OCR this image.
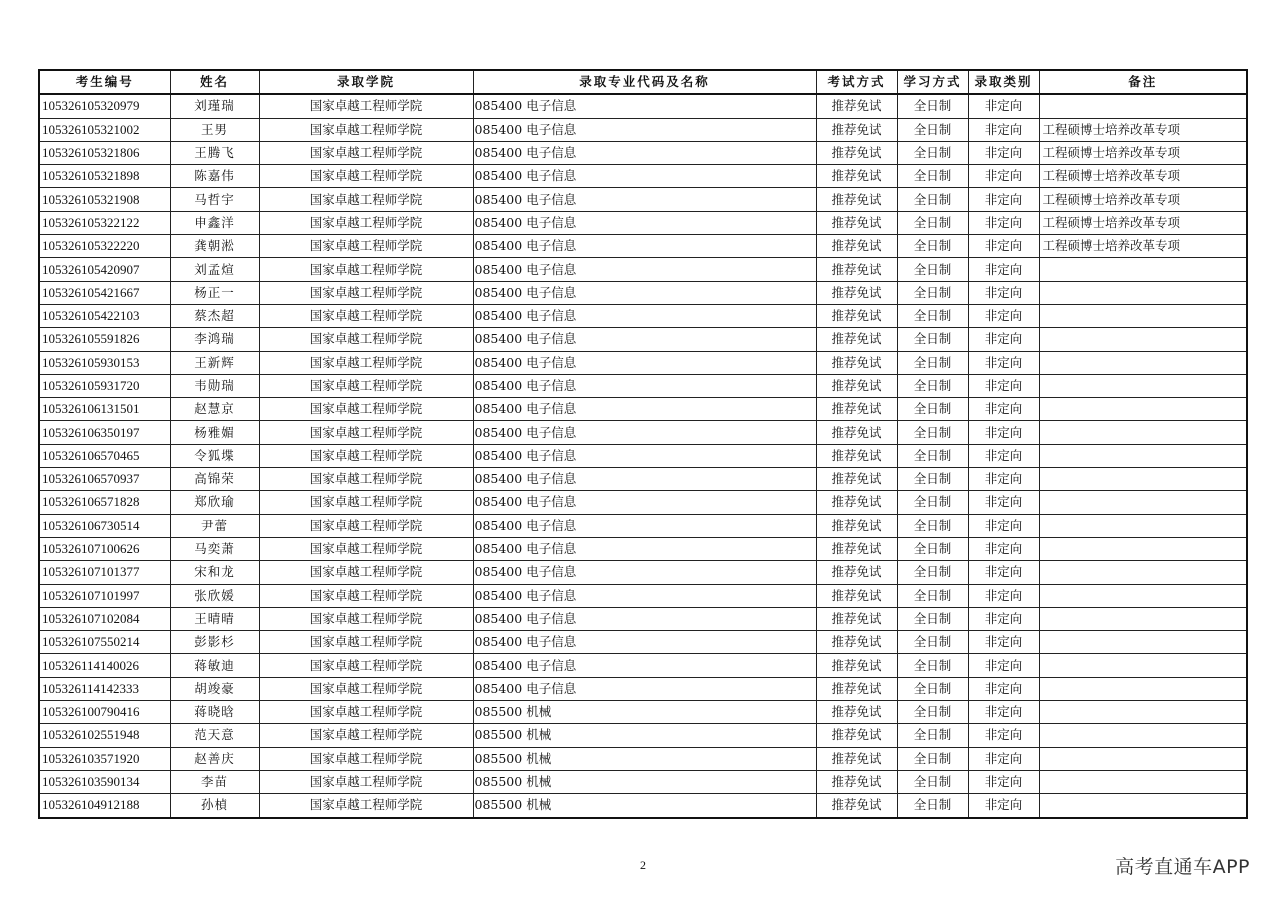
考生编号	姓名	录取学院	录取专业代码及名称	考试方式	学习方式	录取类别	备注
105326105320979	刘瑾瑞	国家卓越工程师学院	085400 电子信息	推荐免试	全日制	非定向	
105326105321002	王男	国家卓越工程师学院	085400 电子信息	推荐免试	全日制	非定向	工程硕博士培养改革专项
105326105321806	王腾飞	国家卓越工程师学院	085400 电子信息	推荐免试	全日制	非定向	工程硕博士培养改革专项
105326105321898	陈嘉伟	国家卓越工程师学院	085400 电子信息	推荐免试	全日制	非定向	工程硕博士培养改革专项
105326105321908	马哲宇	国家卓越工程师学院	085400 电子信息	推荐免试	全日制	非定向	工程硕博士培养改革专项
105326105322122	申鑫洋	国家卓越工程师学院	085400 电子信息	推荐免试	全日制	非定向	工程硕博士培养改革专项
105326105322220	龚朝淞	国家卓越工程师学院	085400 电子信息	推荐免试	全日制	非定向	工程硕博士培养改革专项
105326105420907	刘孟煊	国家卓越工程师学院	085400 电子信息	推荐免试	全日制	非定向	
105326105421667	杨正一	国家卓越工程师学院	085400 电子信息	推荐免试	全日制	非定向	
105326105422103	蔡杰超	国家卓越工程师学院	085400 电子信息	推荐免试	全日制	非定向	
105326105591826	李鸿瑞	国家卓越工程师学院	085400 电子信息	推荐免试	全日制	非定向	
105326105930153	王新辉	国家卓越工程师学院	085400 电子信息	推荐免试	全日制	非定向	
105326105931720	韦勋瑞	国家卓越工程师学院	085400 电子信息	推荐免试	全日制	非定向	
105326106131501	赵慧京	国家卓越工程师学院	085400 电子信息	推荐免试	全日制	非定向	
105326106350197	杨雅媚	国家卓越工程师学院	085400 电子信息	推荐免试	全日制	非定向	
105326106570465	令狐堞	国家卓越工程师学院	085400 电子信息	推荐免试	全日制	非定向	
105326106570937	高锦荣	国家卓越工程师学院	085400 电子信息	推荐免试	全日制	非定向	
105326106571828	郑欣瑜	国家卓越工程师学院	085400 电子信息	推荐免试	全日制	非定向	
105326106730514	尹蕾	国家卓越工程师学院	085400 电子信息	推荐免试	全日制	非定向	
105326107100626	马奕萧	国家卓越工程师学院	085400 电子信息	推荐免试	全日制	非定向	
105326107101377	宋和龙	国家卓越工程师学院	085400 电子信息	推荐免试	全日制	非定向	
105326107101997	张欣媛	国家卓越工程师学院	085400 电子信息	推荐免试	全日制	非定向	
105326107102084	王晴晴	国家卓越工程师学院	085400 电子信息	推荐免试	全日制	非定向	
105326107550214	彭影杉	国家卓越工程师学院	085400 电子信息	推荐免试	全日制	非定向	
105326114140026	蒋敏迪	国家卓越工程师学院	085400 电子信息	推荐免试	全日制	非定向	
105326114142333	胡竣豪	国家卓越工程师学院	085400 电子信息	推荐免试	全日制	非定向	
105326100790416	蒋晓晗	国家卓越工程师学院	085500 机械	推荐免试	全日制	非定向	
105326102551948	范天意	国家卓越工程师学院	085500 机械	推荐免试	全日制	非定向	
105326103571920	赵善庆	国家卓越工程师学院	085500 机械	推荐免试	全日制	非定向	
105326103590134	李苗	国家卓越工程师学院	085500 机械	推荐免试	全日制	非定向	
105326104912188	孙楨	国家卓越工程师学院	085500 机械	推荐免试	全日制	非定向	
2	高考直通车APP
